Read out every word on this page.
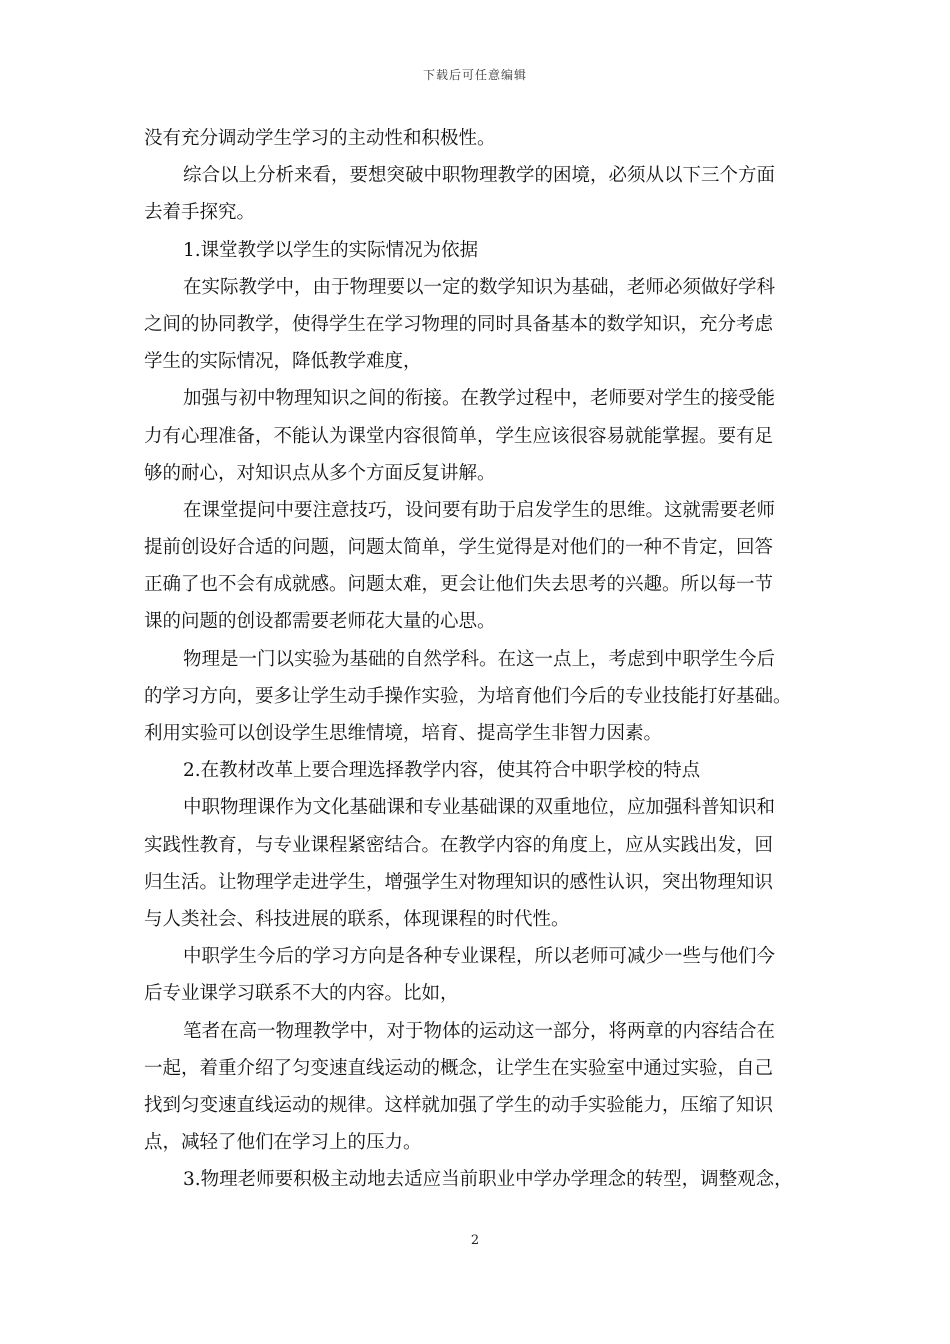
下载后可任意编辑
没有充分调动学生学习的主动性和积极性。
综合以上分析来看，要想突破中职物理教学的困境，必须从以下三个方面
去着手探究。
1.课堂教学以学生的实际情况为依据
在实际教学中，由于物理要以一定的数学知识为基础，老师必须做好学科
之间的协同教学，使得学生在学习物理的同时具备基本的数学知识，充分考虑
学生的实际情况，降低教学难度，
加强与初中物理知识之间的衔接。在教学过程中，老师要对学生的接受能
力有心理准备，不能认为课堂内容很简单，学生应该很容易就能掌握。要有足
够的耐心，对知识点从多个方面反复讲解。
在课堂提问中要注意技巧，设问要有助于启发学生的思维。这就需要老师
提前创设好合适的问题，问题太简单，学生觉得是对他们的一种不肯定，回答
正确了也不会有成就感。问题太难，更会让他们失去思考的兴趣。所以每一节
课的问题的创设都需要老师花大量的心思。
物理是一门以实验为基础的自然学科。在这一点上，考虑到中职学生今后
的学习方向，要多让学生动手操作实验，为培育他们今后的专业技能打好基础。
利用实验可以创设学生思维情境，培育、提高学生非智力因素。
2.在教材改革上要合理选择教学内容，使其符合中职学校的特点
中职物理课作为文化基础课和专业基础课的双重地位，应加强科普知识和
实践性教育，与专业课程紧密结合。在教学内容的角度上，应从实践出发，回
归生活。让物理学走进学生，增强学生对物理知识的感性认识，突出物理知识
与人类社会、科技进展的联系，体现课程的时代性。
中职学生今后的学习方向是各种专业课程，所以老师可减少一些与他们今
后专业课学习联系不大的内容。比如，
笔者在高一物理教学中，对于物体的运动这一部分，将两章的内容结合在
一起，着重介绍了匀变速直线运动的概念，让学生在实验室中通过实验，自己
找到匀变速直线运动的规律。这样就加强了学生的动手实验能力，压缩了知识
点，减轻了他们在学习上的压力。
3.物理老师要积极主动地去适应当前职业中学办学理念的转型，调整观念，
2
